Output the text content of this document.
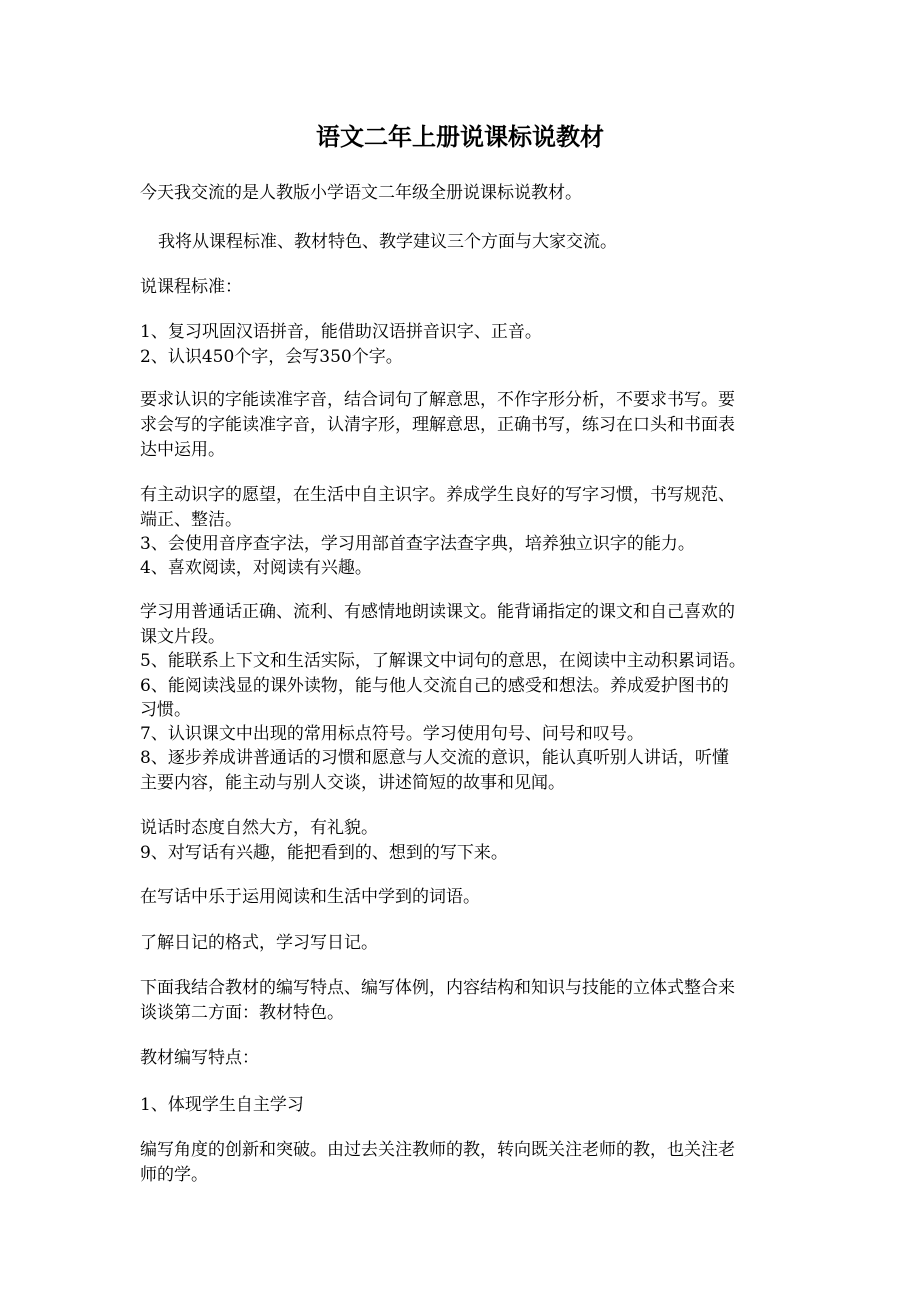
语文二年上册说课标说教材
今天我交流的是人教版小学语文二年级全册说课标说教材。
我将从课程标准、教材特色、教学建议三个方面与大家交流。
说课程标准：
1、复习巩固汉语拼音，能借助汉语拼音识字、正音。
2、认识450个字，会写350个字。
要求认识的字能读准字音，结合词句了解意思，不作字形分析，不要求书写。要
求会写的字能读准字音，认清字形，理解意思，正确书写，练习在口头和书面表
达中运用。
有主动识字的愿望，在生活中自主识字。养成学生良好的写字习惯，书写规范、
端正、整洁。
3、会使用音序查字法，学习用部首查字法查字典，培养独立识字的能力。
4、喜欢阅读，对阅读有兴趣。
学习用普通话正确、流利、有感情地朗读课文。能背诵指定的课文和自己喜欢的
课文片段。
5、能联系上下文和生活实际，了解课文中词句的意思，在阅读中主动积累词语。
6、能阅读浅显的课外读物，能与他人交流自己的感受和想法。养成爱护图书的
习惯。
7、认识课文中出现的常用标点符号。学习使用句号、问号和叹号。
8、逐步养成讲普通话的习惯和愿意与人交流的意识，能认真听别人讲话，听懂
主要内容，能主动与别人交谈，讲述简短的故事和见闻。
说话时态度自然大方，有礼貌。
9、对写话有兴趣，能把看到的、想到的写下来。
在写话中乐于运用阅读和生活中学到的词语。
了解日记的格式，学习写日记。
下面我结合教材的编写特点、编写体例，内容结构和知识与技能的立体式整合来
谈谈第二方面：教材特色。
教材编写特点：
1、体现学生自主学习
编写角度的创新和突破。由过去关注教师的教，转向既关注老师的教，也关注老
师的学。
